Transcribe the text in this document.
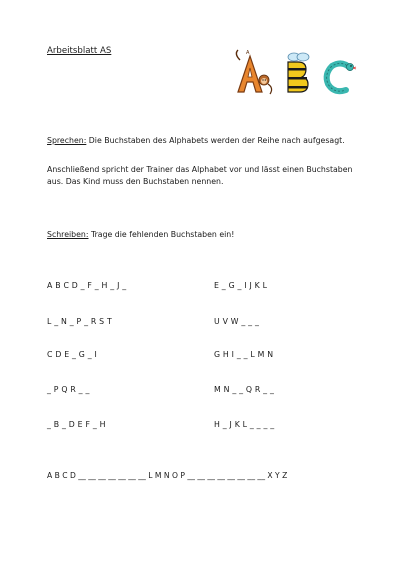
Arbeitsblatt AS	A
Sprechen: Die Buchstaben des Alphabets werden der Reihe nach aufgesagt.
Anschließend spricht der Trainer das Alphabet vor und lässt einen Buchstaben aus. Das Kind muss den Buchstaben nennen.
Schreiben: Trage die fehlenden Buchstaben ein!
A B C D _ F _ H _ J _
L _ N _ P _ R S T
C D E _ G _ I
_ P Q R _ _
_ B _ D E F _ H
E _ G _ I J K L
U V W _ _ _
G H I _ _ L M N
M N _ _ Q R _ _
H _ J K L _ _ _ _
A B C D __ __ __ __ __ __ __ L M N O P __ __ __ __ __ __ __ __ X Y Z
